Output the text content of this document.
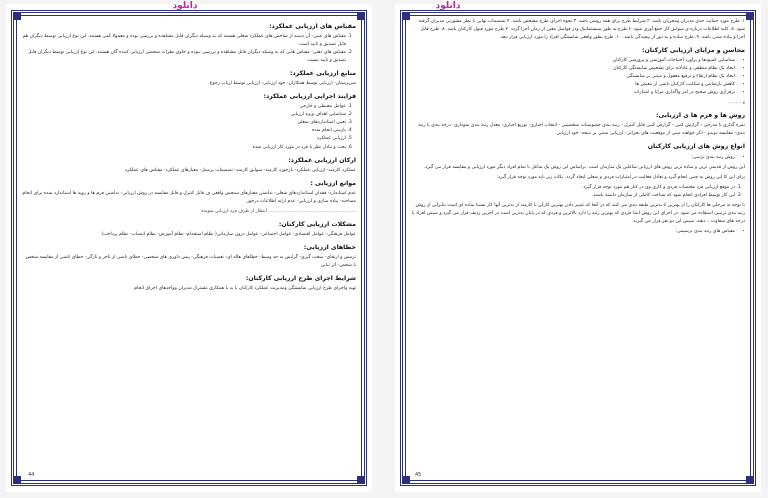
دانلود
مقیاس های ارزیابی عملکرد:
1. مقیاس های عینی- آن دسته از شاخص های عملکرد شغلی هستند که به وسیله دیگران قابل مشاهده و بررسی بوده و معمولا کمی هستند. این نوع ارزیابی توسط دیگران هم قابل تصدیق و تایید است.
2. مقیاس های ذهنی- مقیاس هایی که به وسیله دیگران قابل مشاهده و بررسی نبوده و حاوی نظرات شخصی ارزیابی کننده گان هستند. این نوع ارزیابی توسط دیگران قابل تصدیق و تایید نیست.
منابع ارزیابی عملکرد:

سرپرستان- ارزیابی توسط همکاران- خود ارزیابی- ارزیابی توسط ارباب رجوع

فرایند اجرایی ارزیابی عملکرد:
1. عوامل محیطی و خارجی
2. شناسایی اهداف ویژه ارزیابی
3. تعیین استانداردهای شغلی
4. بازبینی انجام شده
5. ارزیابی عملکرد
6. بحث و تبادل نظر با فرد در مورد کار ارزیابی شده
ارکان ارزیابی عملکرد:

عملکرد کارمند- ارزیابی عملکرد- بازخورد کارمند- سوابق کارمند- تصمیمات پرسنل- معیارهای عملکرد- مقیاس های عملکرد

موانع ارزیابی :

عدم استاندارد- فقدان استانداردهای شغلی- نداشتن معیارهای سنجش واقعی ف قابل کنترل و قابل مقایسه در روش ارزیابی- نداشتن فرم ها و رویه ها استاندارد شده برای انجام مصاحبه- پیاده سازی و ارزیابی- عدم ارایه اطلاعات درخور

............................................................ انتظار از طرف فرد ارزیابی شونده

مشکلات ارزیابی کارکنان:

عوامل فرهنگی- عوامل اقتصادی- عوامل اجتماعی- عوامل درون سازمانی( نظام استخدام- نظام آموزش- نظام انتصاب- نظام پرداخت)

خطاهای ارزیابی:

ترمش و ارتقای- سخت گیری- گرایش به حد وسط- خطاهای هاله ای- تعصبات فرهنگی- پیش داوری های شخصی- خطای ناشی از تاخر و تازگی- خطای ناشی از مقایسه شخص با شخص- اثر تباین

شرایط اجرای طرح ارزیابی کارکنان:

تهیه واجرای طرح ارزیابی شایستگی ومدیریت عملکرد کارکنان با بد با همکاری مشترک مدیران وواحدهای اجرای انجام

44
دانلود

۱. طرح مورد حمایت جدی مدیران ومجریان باشد. ۲.شرایط طرح برای همه روشن باشد. ۳.نحوه اجرای طرح مشخص باشد. ۴.تصمیمات نهایی با نظر مشورتی مدیران گرفته شود. ۵. کلیه اطلاعات درباره ی سوابق کار جمع آوری شود. ۶.طرح به طور سیستماتیک ودر فواصل معین از زمان اجرا گردد. ۷.طرح مورد قبول کارکنان باشد. ۸. طرح قابل اجرا و پیاده شدن باشد. ۹. طرح ساده و به دور از پیچیدگی باشد. ۱۰. طرح بطور واقعی شایستگی افراد را مورد ارزیابی قرار دهد.

محاسن و مزایای ارزیابی کارکنان:
• شناسایی کمبودها و برآورد احتیاجات آموزشی و پرورشی کارکنان
• ایجاد یک نظام منطقی و عادلانه برای تشخیص شایستگی کارکنان
• ایجاد یک نظام ارتقاء و ترفیع معقول و مبتنی بر شایستگی
• کاهش نارضایتی و شکایت کارکنان ناشی از تبعیض ها
• برقراری روش صحیح در امر واگذاری مزایا و امتیازات

و .........

روش ها و فرم ها ی ارزیابی:

نمره گذاری یا مدرجی - گزارش کتبی - گزارش کتبی قابل کنترل - رتبه بندی خصوصیات شخصیتی - انتخاب اجباری- توزیع اجباری- معدل رتبه بندی نموداری- درجه بندی با رتبه بندی- مقایسه دوبدو - ذکر خواهند مبنی از موقعیت های بحرانی- ارزیابی مبتنی بر نتیجه- خود ارزیابی

انواع روش های ارزیابی کارکنان
• روش رتبه بندی ترتیبی:

این روش از قدیمی ترین و ساده ترین روش های ارزیابی شاغلین یک سازمان است. براساس این روش یک شاغل با تمام افراد دیگر مورد ارزیابی و مقایسه قرار می گیرد.

برای این کا این روش به چنین انجام گیرد و تعادل فعالیت در امتیازات فردی و شغلی ایجاد گردد. نکات زیر باید مورد توجه قرار گیرد:

1. در موقع ارزیابی فرد مختصات فردی و کاری وی در کنار هم مورد توجه قرار گیرد.
2. این کار توسط افرادی انجام شود که شناخت کاملی از سازمان داشته باشند.

با توجه به مرحلی ها کارکنان را از بهترین تا بدترین طبقه بندی می کنند که در آنجا که تمییز دادن بهترین کارکن با کارمند از بدترین آنها کار نسبتا ساده ای است بنابراین از روش رتبه بندی ترتیبی استفاده می شود. در اجرای این روش ابتدا فردی که بهترین رتبه را دارد بالاترین و فردی که در پایان بدترین است در آخرین ردیف قرار می گیرد و سپس افراد با درجه های متفاوت... دهند. سپس این دو نفر قرار می گیرند.

• مقیاس های رتبه بندی ترسیمی:
45
